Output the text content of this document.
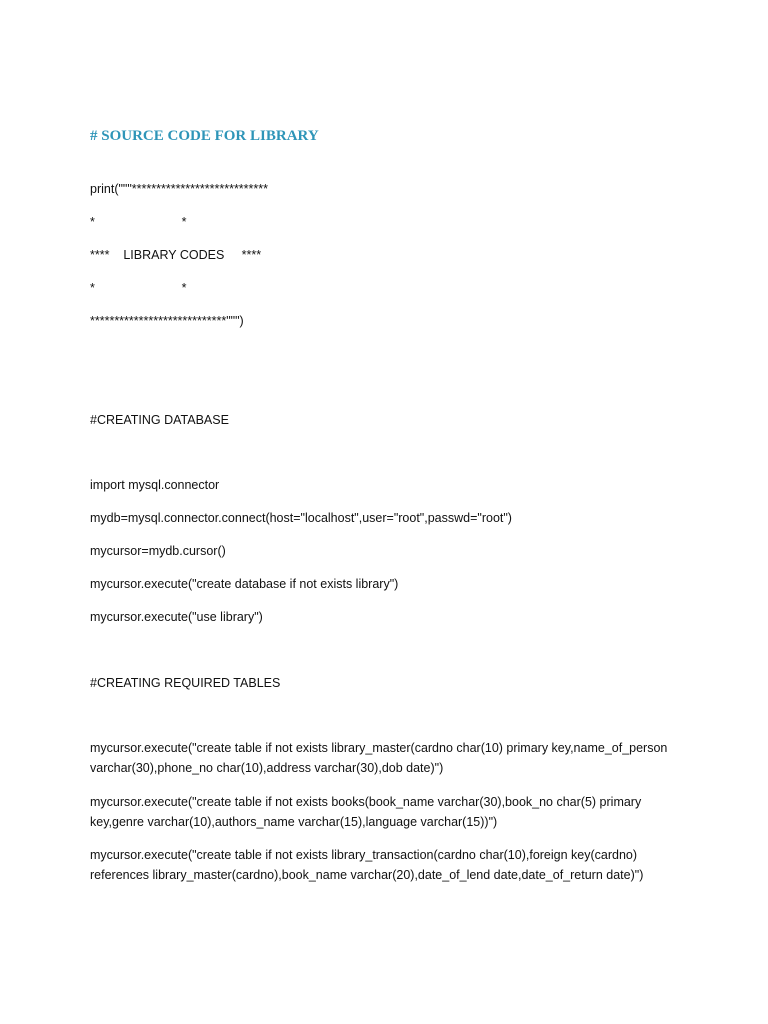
# SOURCE CODE FOR LIBRARY

print("""****************************

*                         *

****    LIBRARY CODES     ****

*                         *

****************************""")

#CREATING DATABASE

import mysql.connector

mydb=mysql.connector.connect(host="localhost",user="root",passwd="root")

mycursor=mydb.cursor()

mycursor.execute("create database if not exists library")

mycursor.execute("use library")

#CREATING REQUIRED TABLES

mycursor.execute("create table if not exists library_master(cardno char(10) primary key,name_of_person varchar(30),phone_no char(10),address varchar(30),dob date)")

mycursor.execute("create table if not exists books(book_name varchar(30),book_no char(5) primary key,genre varchar(10),authors_name varchar(15),language varchar(15))")

mycursor.execute("create table if not exists library_transaction(cardno char(10),foreign key(cardno) references library_master(cardno),book_name varchar(20),date_of_lend date,date_of_return date)")
